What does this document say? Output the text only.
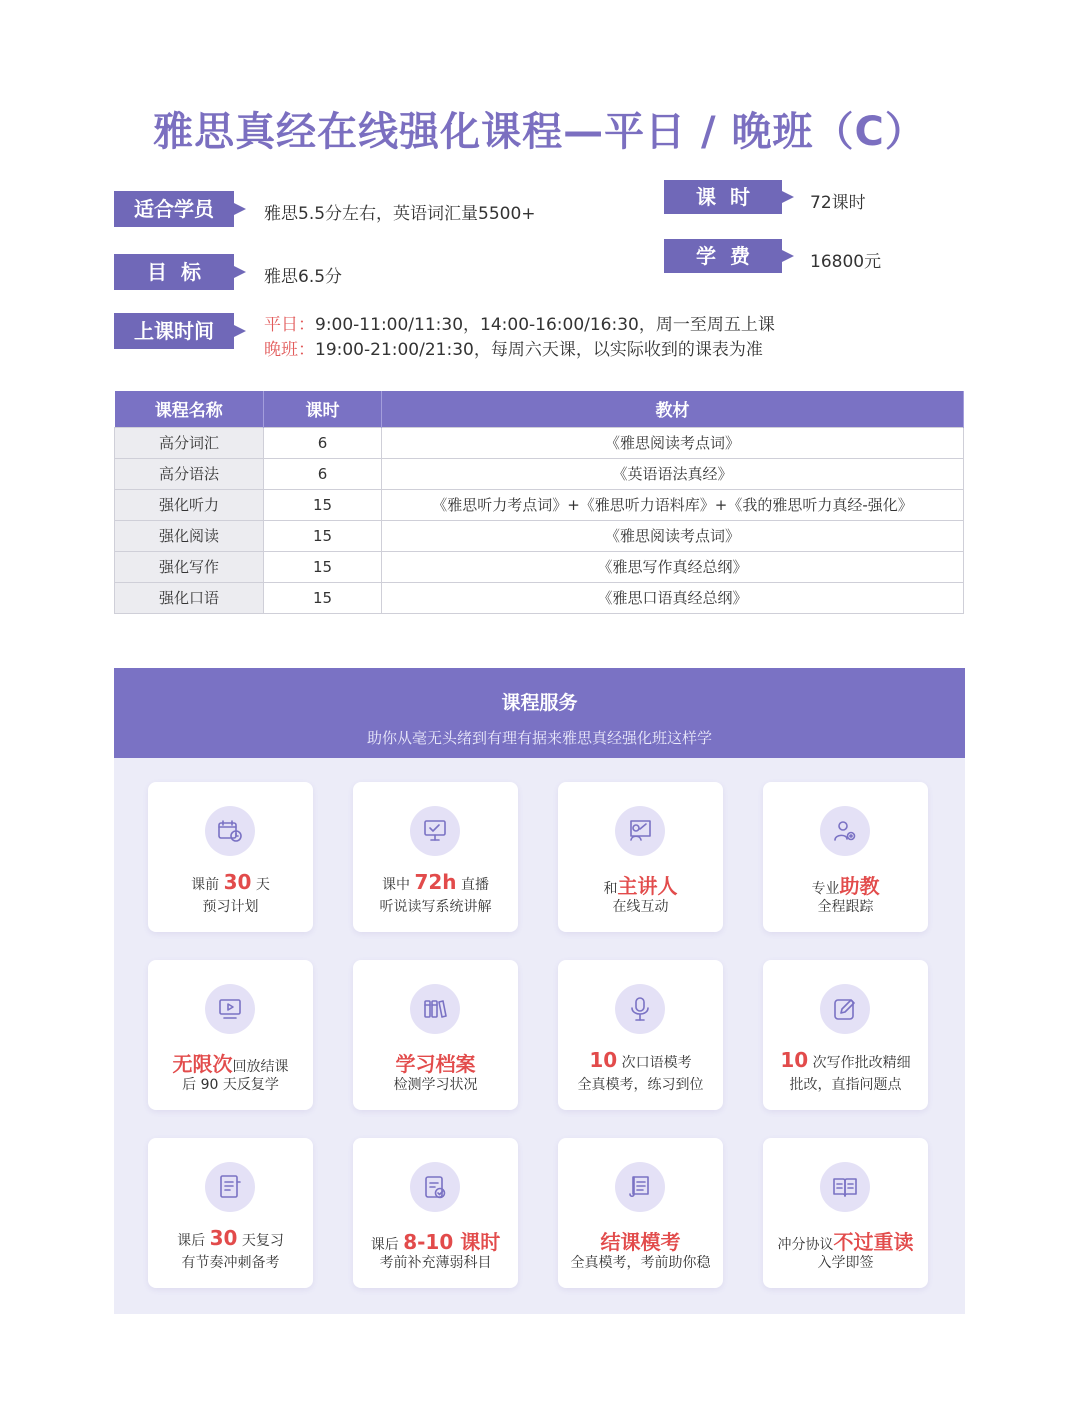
雅思真经在线强化课程—平日 / 晚班（C）
适合学员	雅思5.5分左右，英语词汇量5500+
目  标	雅思6.5分
上课时间	平日：9:00-11:00/11:30，14:00-16:00/16:30，周一至周五上课
晚班：19:00-21:00/21:30，每周六天课，以实际收到的课表为准
课  时	72课时
学  费	16800元
课程名称	课时	教材
高分词汇	6	《雅思阅读考点词》
高分语法	6	《英语语法真经》
强化听力	15	《雅思听力考点词》+《雅思听力语料库》+《我的雅思听力真经-强化》
强化阅读	15	《雅思阅读考点词》
强化写作	15	《雅思写作真经总纲》
强化口语	15	《雅思口语真经总纲》
课程服务
助你从毫无头绪到有理有据来雅思真经强化班这样学
课前 30 天
预习计划
课中 72h 直播
听说读写系统讲解
和主讲人
在线互动
专业助教
全程跟踪
无限次回放结课
后 90 天反复学
学习档案
检测学习状况
10 次口语模考
全真模考，练习到位
10 次写作批改精细
批改，直指问题点
课后 30 天复习
有节奏冲刺备考
课后 8-10 课时
考前补充薄弱科目
结课模考
全真模考，考前助你稳
冲分协议不过重读
入学即签
